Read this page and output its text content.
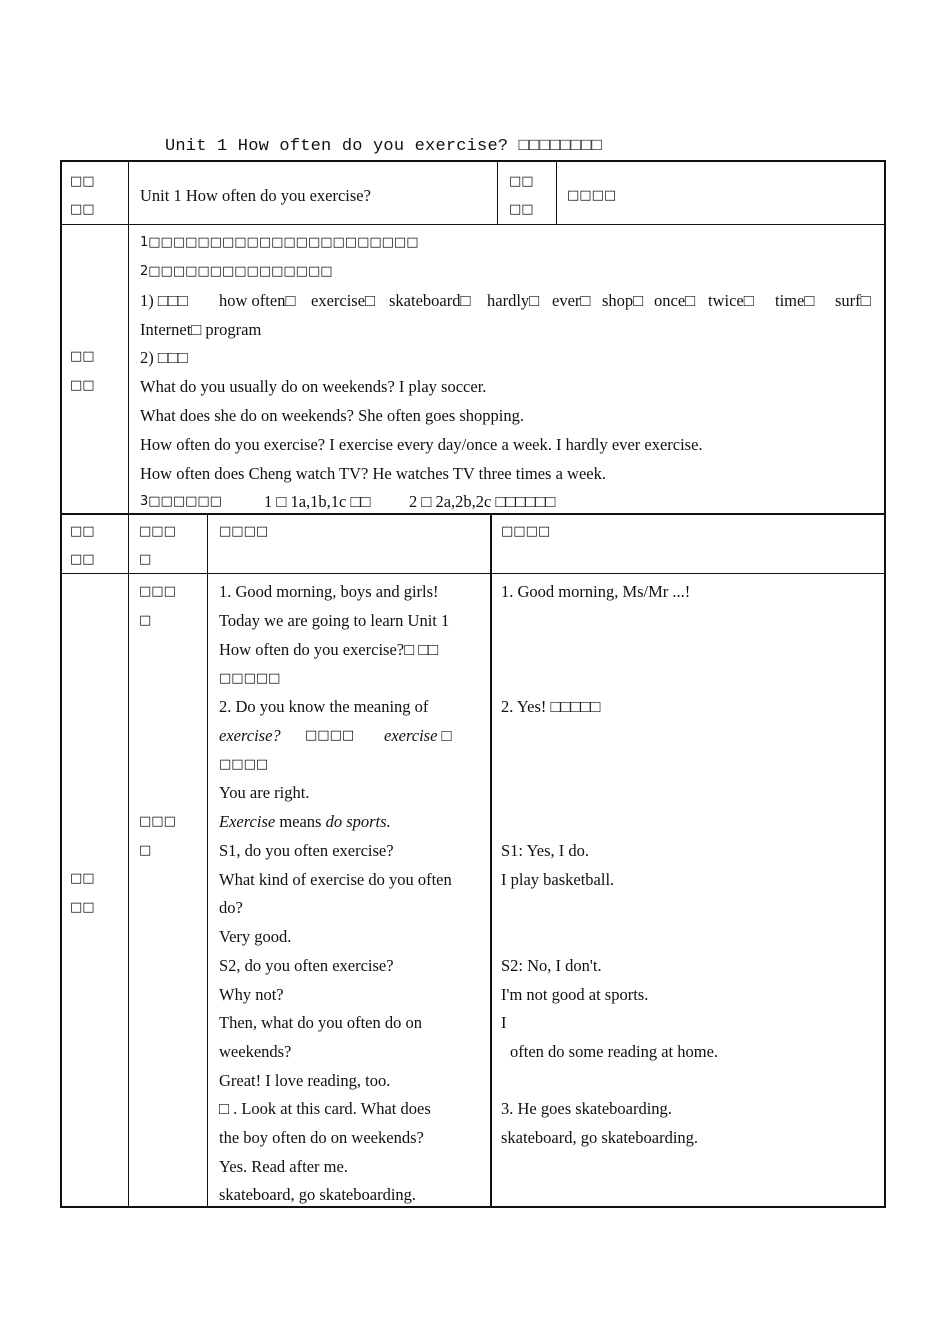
Unit 1 How often do you exercise? □□□□□□□□
□□
□□
Unit 1 How often do you exercise?
□□
□□
□□□□
□□
□□
1□□□□□□□□□□□□□□□□□□□□□□
2□□□□□□□□□□□□□□□
1) □□□ how often□ exercise□ skateboard□ hardly□ ever□ shop□ once□ twice□ time□ surf□
Internet□ program
2) □□□
What do you usually do on weekends? I play soccer.
What does she do on weekends? She often goes shopping.
How often do you exercise? I exercise every day/once a week. I hardly ever exercise.
How often does Cheng watch TV? He watches TV three times a week.
3□□□□□□	1 □ 1a,1b,1c □□ 2 □ 2a,2b,2c □□□□□□
□□
□□
□□□
□
□□□□	□□□□
□□
□□
□□□
□
□□□
□
1. Good morning, boys and girls!
Today we are going to learn Unit 1
How often do you exercise?□ □□
□□□□□
2. Do you know the meaning of
exercise? □□□□ exercise □
□□□□
You are right.
Exercise means do sports.
S1, do you often exercise?
What kind of exercise do you often
do?
Very good.
S2, do you often exercise?
Why not?
Then, what do you often do on
weekends?
Great! I love reading, too.
□ . Look at this card. What does
the boy often do on weekends?
Yes. Read after me.
skateboard, go skateboarding.
1. Good morning, Ms/Mr ...!
2. Yes! □□□□□
S1: Yes, I do.
I play basketball.
S2: No, I don't.
I'm not good at sports.
I
often do some reading at home.
3. He goes skateboarding.
skateboard, go skateboarding.
